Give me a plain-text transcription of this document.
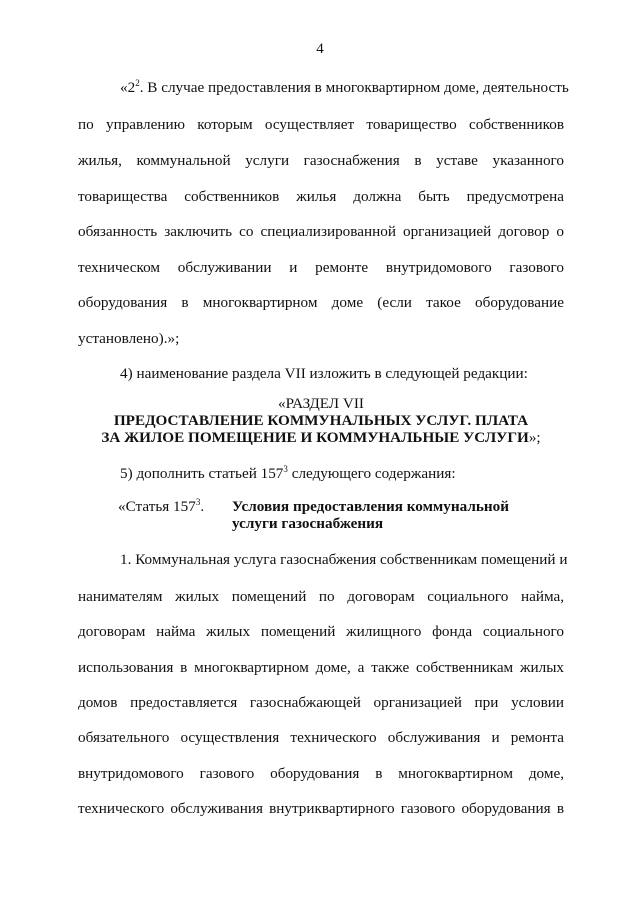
4
«$2^2$. В случае предоставления в многоквартирном доме, деятельность
по управлению которым осуществляет товарищество собственников
жилья, коммунальной услуги газоснабжения в уставе указанного
товарищества собственников жилья должна быть предусмотрена
обязанность заключить со специализированной организацией договор о
техническом обслуживании и ремонте внутридомового газового
оборудования в многоквартирном доме (если такое оборудование
установлено).»;
4) наименование раздела VII изложить в следующей редакции:
«РАЗДЕЛ VII
ПРЕДОСТАВЛЕНИЕ КОММУНАЛЬНЫХ УСЛУГ. ПЛАТА
ЗА ЖИЛОЕ ПОМЕЩЕНИЕ И КОММУНАЛЬНЫЕ УСЛУГИ»;
5) дополнить статьей $157^3$ следующего содержания:
«Статья $157^3$. Условия предоставления коммунальной
услуги газоснабжения
1. Коммунальная услуга газоснабжения собственникам помещений и
нанимателям жилых помещений по договорам социального найма,
договорам найма жилых помещений жилищного фонда социального
использования в многоквартирном доме, а также собственникам жилых
домов предоставляется газоснабжающей организацией при условии
обязательного осуществления технического обслуживания и ремонта
внутридомового газового оборудования в многоквартирном доме,
технического обслуживания внутриквартирного газового оборудования в
